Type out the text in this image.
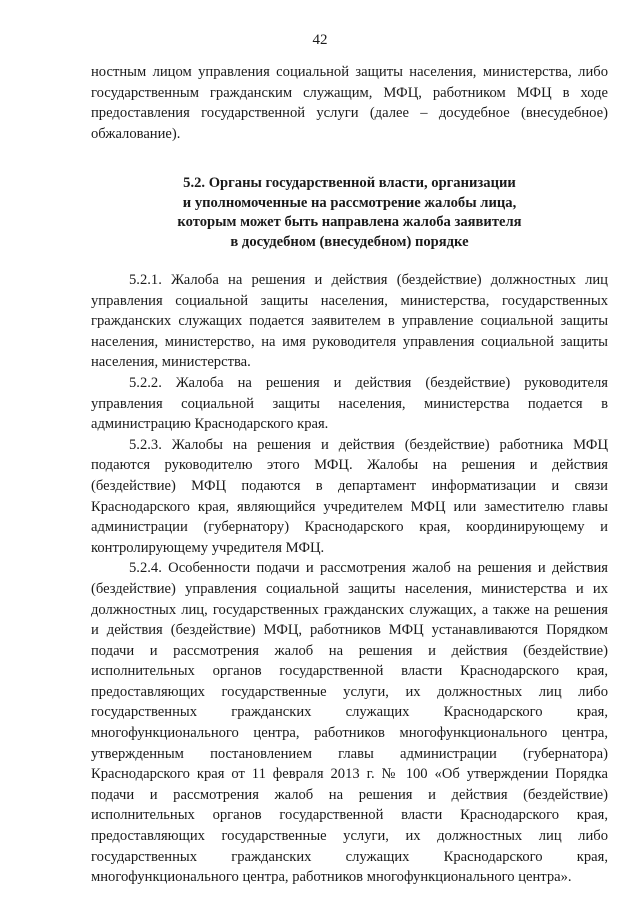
42

ностным лицом управления социальной защиты населения, министерства, либо государственным гражданским служащим, МФЦ, работником МФЦ в ходе предоставления государственной услуги (далее – досудебное (внесудебное) обжалование).

5.2. Органы государственной власти, организации
и уполномоченные на рассмотрение жалобы лица,
которым может быть направлена жалоба заявителя
в досудебном (внесудебном) порядке

5.2.1. Жалоба на решения и действия (бездействие) должностных лиц управления социальной защиты населения, министерства, государственных гражданских служащих подается заявителем в управление социальной защиты населения, министерство, на имя руководителя управления социальной защиты населения, министерства.

5.2.2. Жалоба на решения и действия (бездействие) руководителя управления социальной защиты населения, министерства подается в администрацию Краснодарского края.

5.2.3. Жалобы на решения и действия (бездействие) работника МФЦ подаются руководителю этого МФЦ. Жалобы на решения и действия (бездействие) МФЦ подаются в департамент информатизации и связи Краснодарского края, являющийся учредителем МФЦ или заместителю главы администрации (губернатору) Краснодарского края, координирующему и контролирующему учредителя МФЦ.

5.2.4. Особенности подачи и рассмотрения жалоб на решения и действия (бездействие) управления социальной защиты населения, министерства и их должностных лиц, государственных гражданских служащих, а также на решения и действия (бездействие) МФЦ, работников МФЦ устанавливаются Порядком подачи и рассмотрения жалоб на решения и действия (бездействие) исполнительных органов государственной власти Краснодарского края, предоставляющих государственные услуги, их должностных лиц либо государственных гражданских служащих Краснодарского края, многофункционального центра, работников многофункционального центра, утвержденным постановлением главы администрации (губернатора) Краснодарского края от 11 февраля 2013 г. № 100 «Об утверждении Порядка подачи и рассмотрения жалоб на решения и действия (бездействие) исполнительных органов государственной власти Краснодарского края, предоставляющих государственные услуги, их должностных лиц либо государственных гражданских служащих Краснодарского края, многофункционального центра, работников многофункционального центра».
